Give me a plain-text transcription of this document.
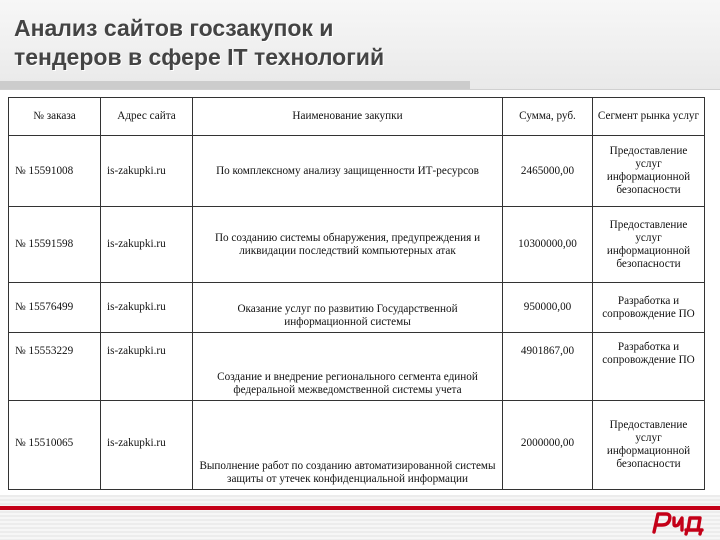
Анализ сайтов госзакупок и
тендеров в сфере IT технологий
№ заказа	Адрес сайта	Наименование закупки	Сумма, руб.	Сегмент рынка услуг
№ 15591008	is-zakupki.ru	По комплексному анализу защищенности ИТ-ресурсов	2465000,00	Предоставление услуг информационной безопасности
№ 15591598	is-zakupki.ru	По созданию системы обнаружения, предупреждения и ликвидации последствий компьютерных атак	10300000,00	Предоставление услуг информационной безопасности
№ 15576499	is-zakupki.ru	Оказание услуг по развитию Государственной информационной системы	950000,00	Разработка и сопровождение ПО
№ 15553229	is-zakupki.ru	Создание и внедрение регионального сегмента единой федеральной межведомственной системы учета	4901867,00	Разработка и сопровождение ПО
№ 15510065	is-zakupki.ru	Выполнение работ по созданию автоматизированной системы защиты от утечек конфиденциальной информации	2000000,00	Предоставление услуг информационной безопасности
